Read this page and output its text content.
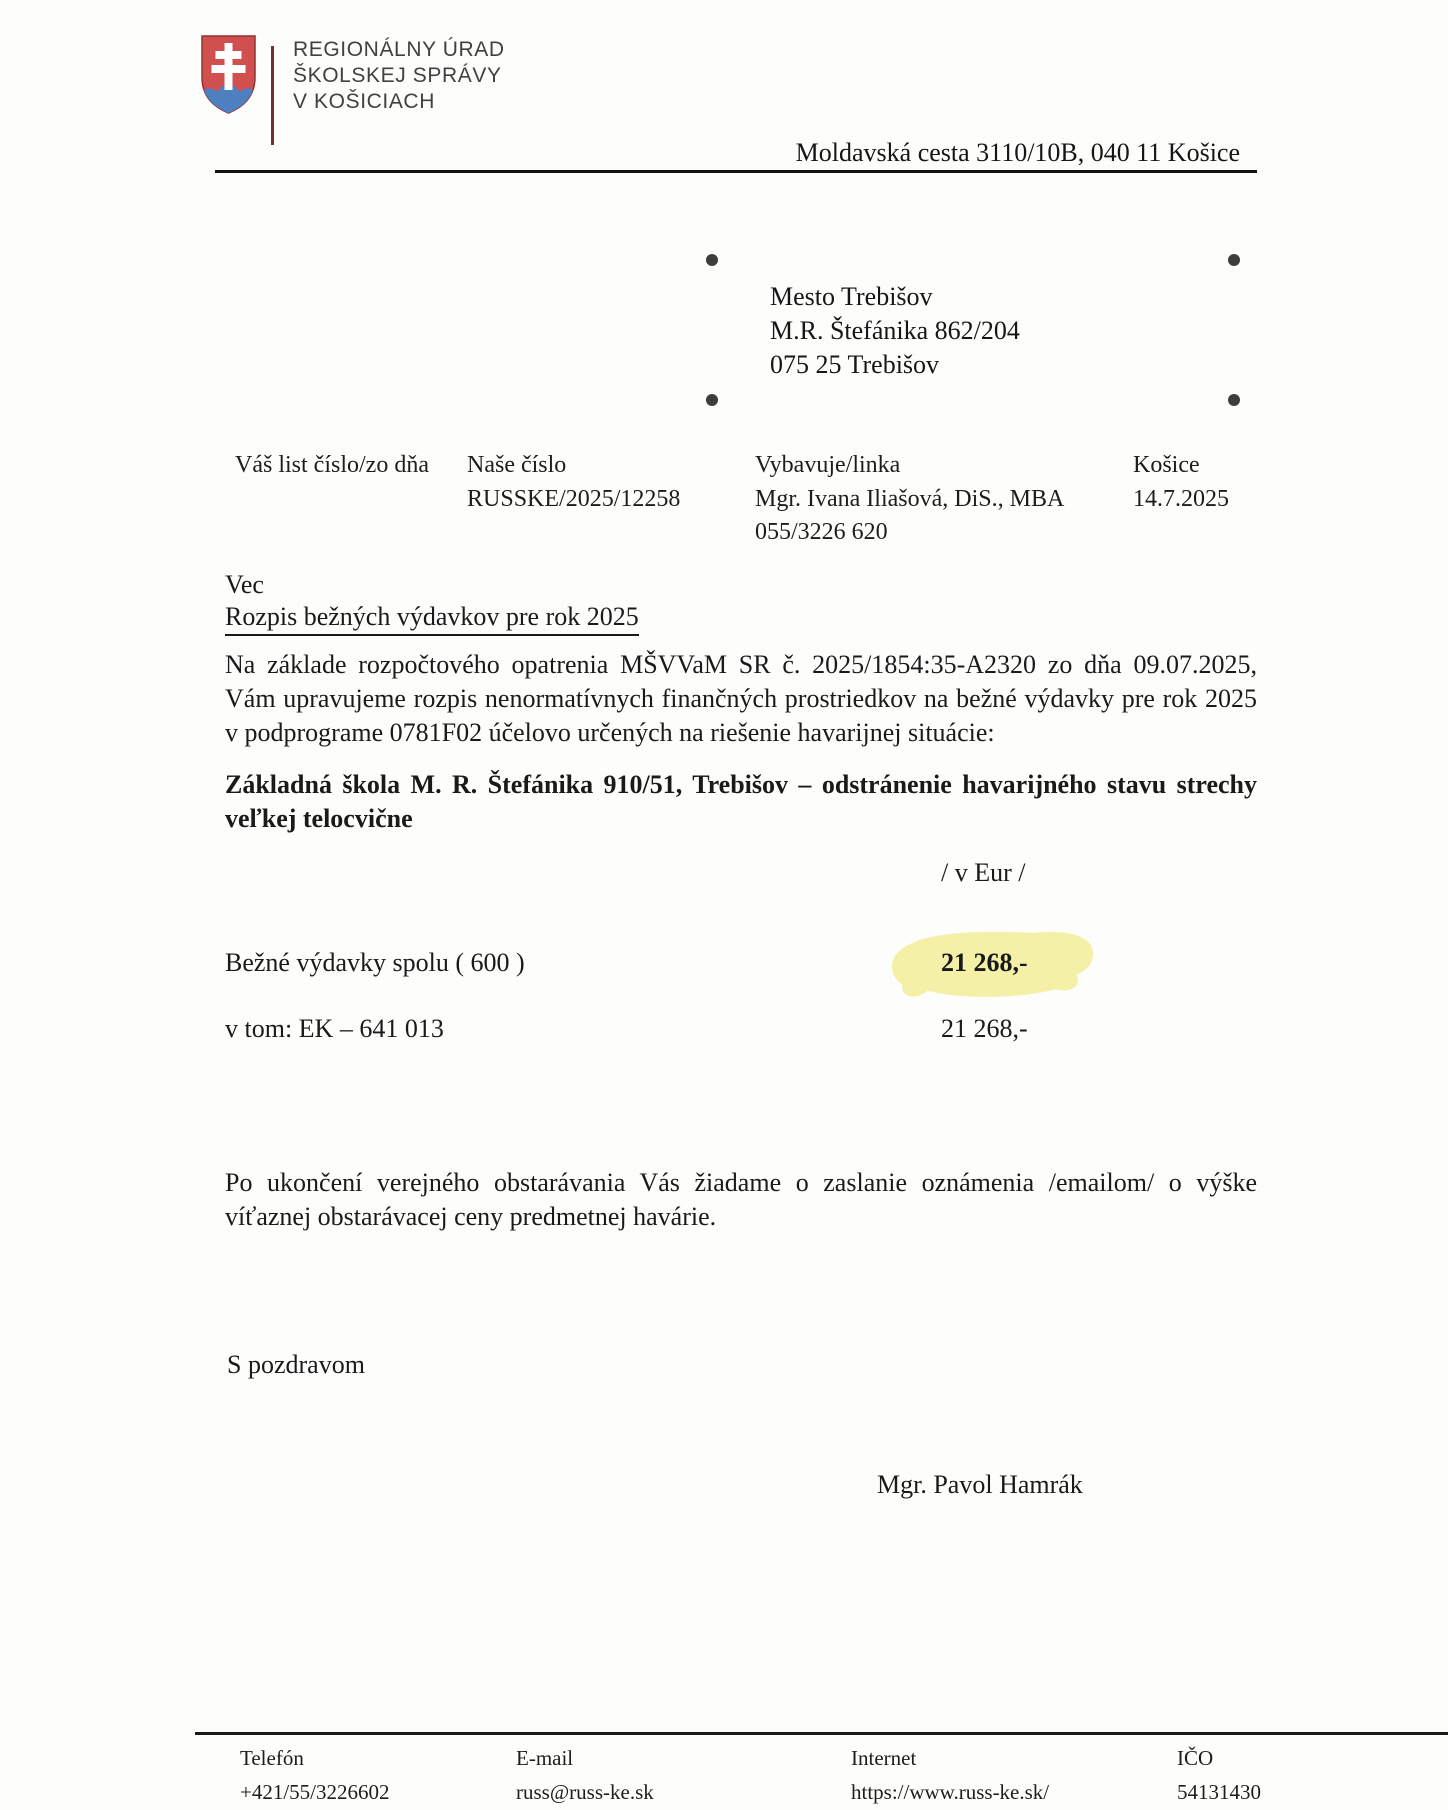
REGIONÁLNY ÚRAD
ŠKOLSKEJ SPRÁVY
V KOŠICIACH
Moldavská cesta 3110/10B, 040 11 Košice
Mesto Trebišov
M.R. Štefánika 862/204
075 25 Trebišov
Váš list číslo/zo dňa Naše číslo
RUSSKE/2025/12258
Vybavuje/linka
Mgr. Ivana Iliašová, DiS., MBA
055/3226 620
Košice
14.7.2025
Vec
Rozpis bežných výdavkov pre rok 2025
Na základe rozpočtového opatrenia MŠVVaM SR č. 2025/1854:35-A2320 zo dňa 09.07.2025, Vám upravujeme rozpis nenormatívnych finančných prostriedkov na bežné výdavky pre rok 2025 v podprograme 0781F02 účelovo určených na riešenie havarijnej situácie:
Základná škola M. R. Štefánika 910/51, Trebišov – odstránenie havarijného stavu strechy veľkej telocvične
/ v Eur /
Bežné výdavky spolu ( 600 )	21 268,-
v tom: EK – 641 013	21 268,-
Po ukončení verejného obstarávania Vás žiadame o zaslanie oznámenia /emailom/ o výške víťaznej obstarávacej ceny predmetnej havárie.
S pozdravom
Mgr. Pavol Hamrák
Telefón
+421/55/3226602
E-mail
russ@russ-ke.sk
Internet
https://www.russ-ke.sk/
IČO
54131430
